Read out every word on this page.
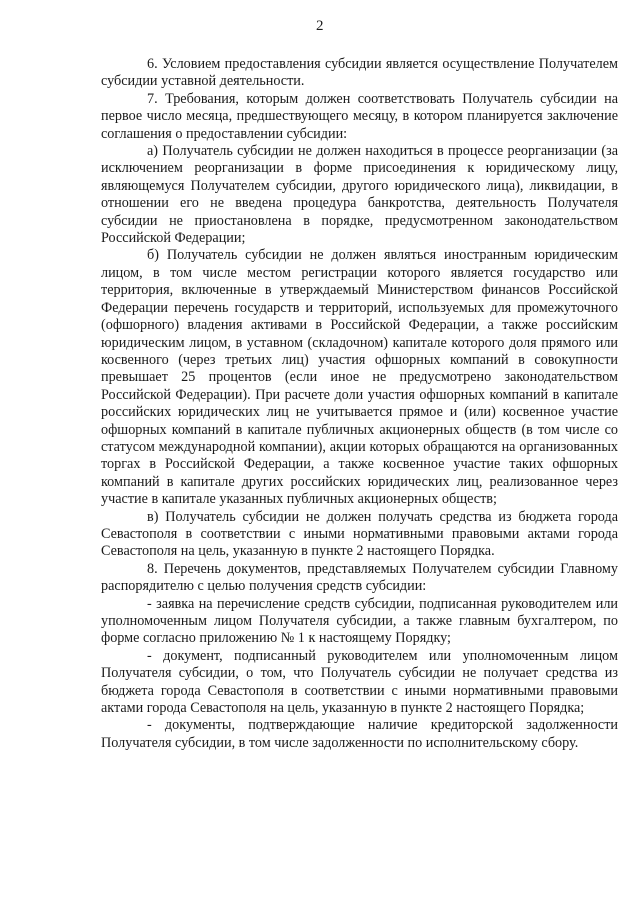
2

6. Условием предоставления субсидии является осуществление Получателем субсидии уставной деятельности.

7. Требования, которым должен соответствовать Получатель субсидии на первое число месяца, предшествующего месяцу, в котором планируется заключение соглашения о предоставлении субсидии:

а) Получатель субсидии не должен находиться в процессе реорганизации (за исключением реорганизации в форме присоединения к юридическому лицу, являющемуся Получателем субсидии, другого юридического лица), ликвидации, в отношении его не введена процедура банкротства, деятельность Получателя субсидии не приостановлена в порядке, предусмотренном законодательством Российской Федерации;

б) Получатель субсидии не должен являться иностранным юридическим лицом, в том числе местом регистрации которого является государство или территория, включенные в утверждаемый Министерством финансов Российской Федерации перечень государств и территорий, используемых для промежуточного (офшорного) владения активами в Российской Федерации, а также российским юридическим лицом, в уставном (складочном) капитале которого доля прямого или косвенного (через третьих лиц) участия офшорных компаний в совокупности превышает 25 процентов (если иное не предусмотрено законодательством Российской Федерации). При расчете доли участия офшорных компаний в капитале российских юридических лиц не учитывается прямое и (или) косвенное участие офшорных компаний в капитале публичных акционерных обществ (в том числе со статусом международной компании), акции которых обращаются на организованных торгах в Российской Федерации, а также косвенное участие таких офшорных компаний в капитале других российских юридических лиц, реализованное через участие в капитале указанных публичных акционерных обществ;

в) Получатель субсидии не должен получать средства из бюджета города Севастополя в соответствии с иными нормативными правовыми актами города Севастополя на цель, указанную в пункте 2 настоящего Порядка.

8. Перечень документов, представляемых Получателем субсидии Главному распорядителю с целью получения средств субсидии:

- заявка на перечисление средств субсидии, подписанная руководителем или уполномоченным лицом Получателя субсидии, а также главным бухгалтером, по форме согласно приложению № 1 к настоящему Порядку;

- документ, подписанный руководителем или уполномоченным лицом Получателя субсидии, о том, что Получатель субсидии не получает средства из бюджета города Севастополя в соответствии с иными нормативными правовыми актами города Севастополя на цель, указанную в пункте 2 настоящего Порядка;

- документы, подтверждающие наличие кредиторской задолженности Получателя субсидии, в том числе задолженности по исполнительскому сбору.
